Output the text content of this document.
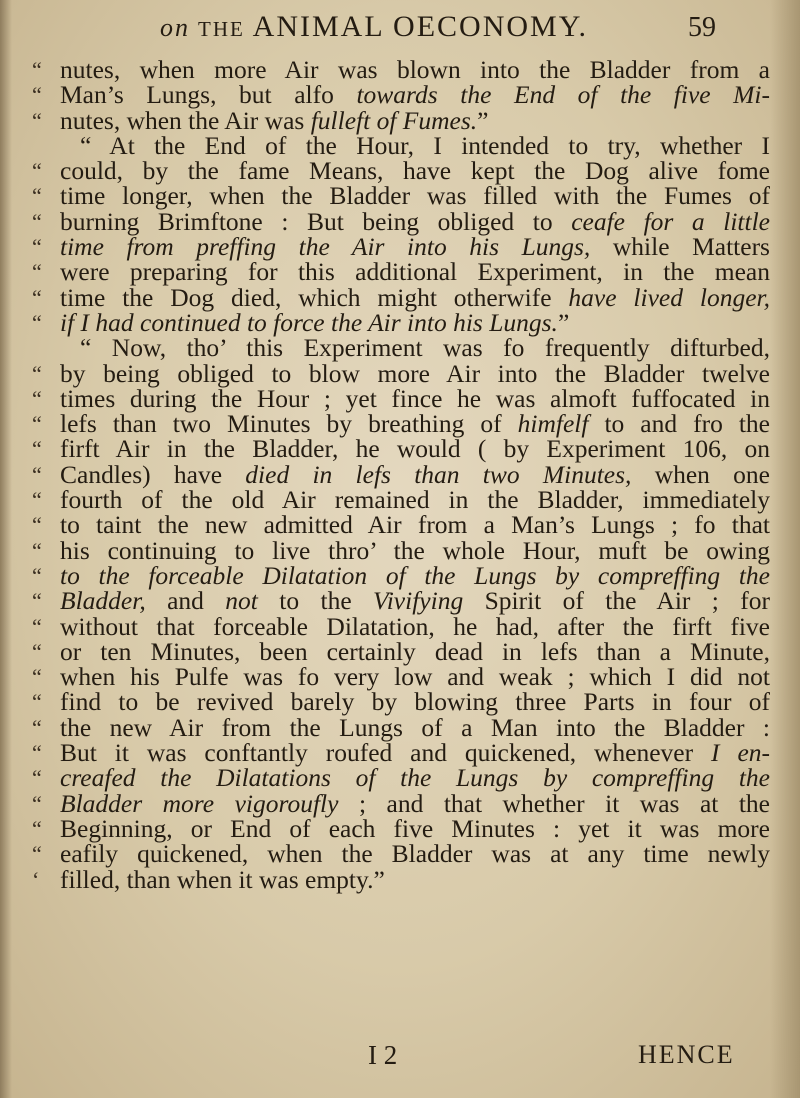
on the ANIMAL OECONOMY.	59
“ nutes, when more Air was blown into the Bladder from a
“ Man’s Lungs, but alfo towards the End of the five Mi-
“ nutes, when the Air was fulleft of Fumes.”
“ At the End of the Hour, I intended to try, whether I
“ could, by the fame Means, have kept the Dog alive fome
“ time longer, when the Bladder was filled with the Fumes of
“ burning Brimftone : But being obliged to ceafe for a little
“ time from preffing the Air into his Lungs, while Matters
“ were preparing for this additional Experiment, in the mean
“ time the Dog died, which might otherwife have lived longer,
“ if I had continued to force the Air into his Lungs.”
“ Now, tho’ this Experiment was fo frequently difturbed,
“ by being obliged to blow more Air into the Bladder twelve
“ times during the Hour ; yet fince he was almoft fuffocated in
“ lefs than two Minutes by breathing of himfelf to and fro the
“ firft Air in the Bladder, he would ( by Experiment 106, on
“ Candles) have died in lefs than two Minutes, when one
“ fourth of the old Air remained in the Bladder, immediately
“ to taint the new admitted Air from a Man’s Lungs ; fo that
“ his continuing to live thro’ the whole Hour, muft be owing
“ to the forceable Dilatation of the Lungs by compreffing the
“ Bladder, and not to the Vivifying Spirit of the Air ; for
“ without that forceable Dilatation, he had, after the firft five
“ or ten Minutes, been certainly dead in lefs than a Minute,
“ when his Pulfe was fo very low and weak ; which I did not
“ find to be revived barely by blowing three Parts in four of
“ the new Air from the Lungs of a Man into the Bladder :
“ But it was conftantly roufed and quickened, whenever I en-
“ creafed the Dilatations of the Lungs by compreffing the
“ Bladder more vigoroufly ; and that whether it was at the
“ Beginning, or End of each five Minutes : yet it was more
“ eafily quickened, when the Bladder was at any time newly
‘ filled, than when it was empty.”
I 2	HENCE
